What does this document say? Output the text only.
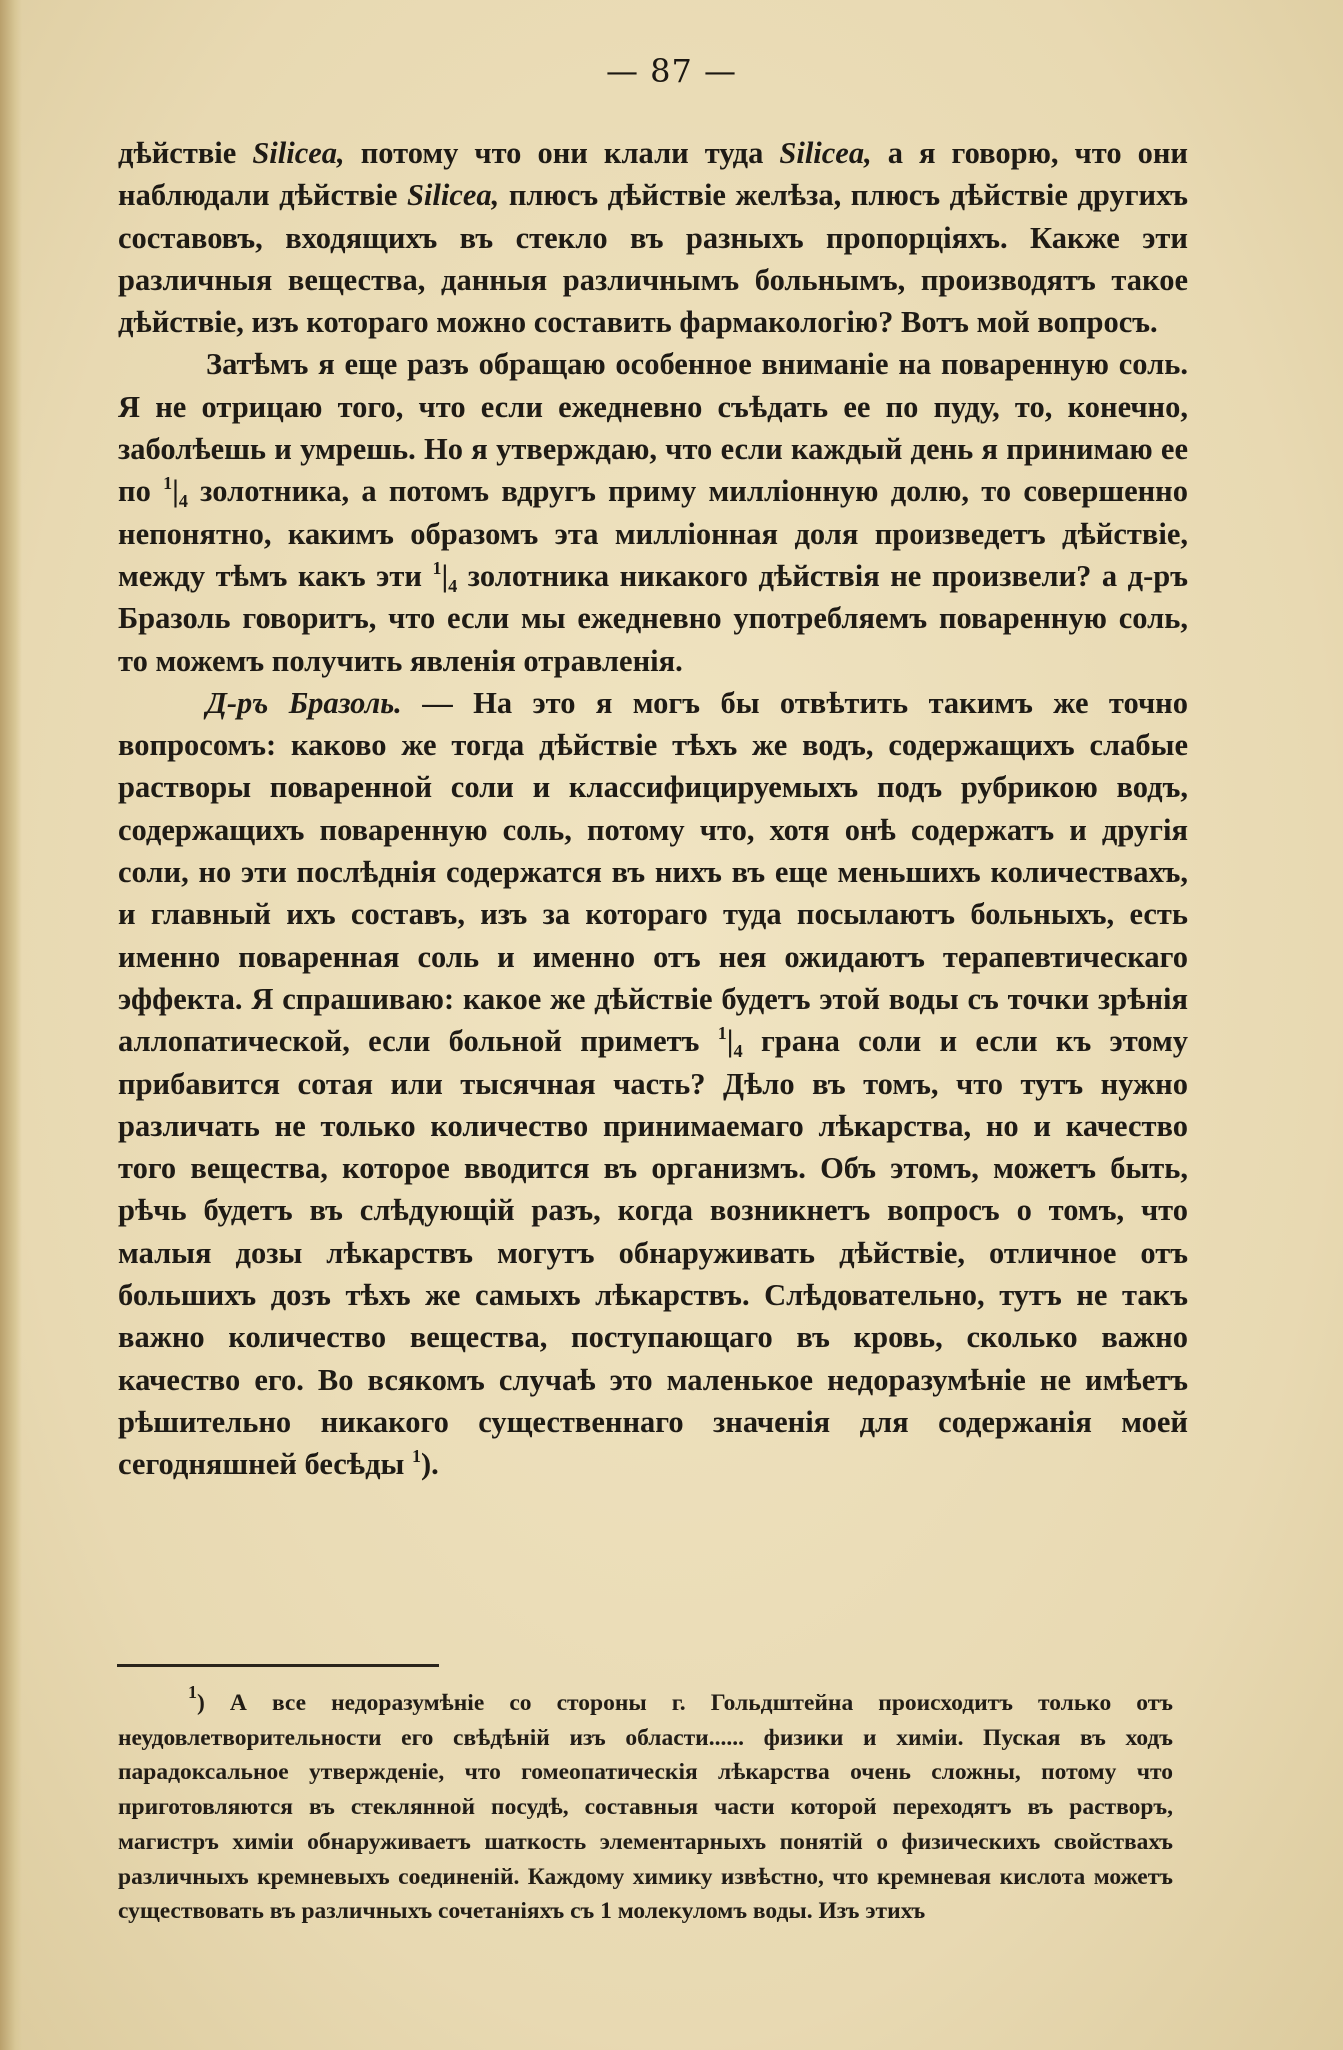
— 87 —

дѣйствіе Silicea, потому что они клали туда Silicea, а я говорю, что они наблюдали дѣйствіе Silicea, плюсъ дѣйствіе желѣза, плюсъ дѣйствіе другихъ составовъ, входящихъ въ стекло въ разныхъ пропорціяхъ. Какже эти различныя вещества, данныя различнымъ больнымъ, производятъ такое дѣйствіе, изъ котораго можно составить фармакологію? Вотъ мой вопросъ.

Затѣмъ я еще разъ обращаю особенное вниманіе на поваренную соль. Я не отрицаю того, что если ежедневно съѣдать ее по пуду, то, конечно, заболѣешь и умрешь. Но я утверждаю, что если каждый день я принимаю ее по $^1$|₄ золотника, а потомъ вдругъ приму милліонную долю, то совершенно непонятно, какимъ образомъ эта милліонная доля произведетъ дѣйствіе, между тѣмъ какъ эти $^1$|₄ золотника никакого дѣйствія не произвели? а д-ръ Бразоль говоритъ, что если мы ежедневно употребляемъ поваренную соль, то можемъ получить явленія отравленія.

Д-ръ Бразоль. — На это я могъ бы отвѣтить такимъ же точно вопросомъ: каково же тогда дѣйствіе тѣхъ же водъ, содержащихъ слабые растворы поваренной соли и классифицируемыхъ подъ рубрикою водъ, содержащихъ поваренную соль, потому что, хотя онѣ содержатъ и другія соли, но эти послѣднія содержатся въ нихъ въ еще меньшихъ количествахъ, и главный ихъ составъ, изъ за котораго туда посылаютъ больныхъ, есть именно поваренная соль и именно отъ нея ожидаютъ терапевтическаго эффекта. Я спрашиваю: какое же дѣйствіе будетъ этой воды съ точки зрѣнія аллопатической, если больной приметъ $^1$|₄ грана соли и если къ этому прибавится сотая или тысячная часть? Дѣло въ томъ, что тутъ нужно различать не только количество принимаемаго лѣкарства, но и качество того вещества, которое вводится въ организмъ. Объ этомъ, можетъ быть, рѣчь будетъ въ слѣдующій разъ, когда возникнетъ вопросъ о томъ, что малыя дозы лѣкарствъ могутъ обнаруживать дѣйствіе, отличное отъ большихъ дозъ тѣхъ же самыхъ лѣкарствъ. Слѣдовательно, тутъ не такъ важно количество вещества, поступающаго въ кровь, сколько важно качество его. Во всякомъ случаѣ это маленькое недоразумѣніе не имѣетъ рѣшительно никакого существеннаго значенія для содержанія моей сегодняшней бесѣды $^1$).

$^1$) А все недоразумѣніе со стороны г. Гольдштейна происходитъ только отъ неудовлетворительности его свѣдѣній изъ области...... физики и химіи. Пуская въ ходъ парадоксальное утвержденіе, что гомеопатическія лѣкарства очень сложны, потому что приготовляются въ стеклянной посудѣ, составныя части которой переходятъ въ растворъ, магистръ химіи обнаруживаетъ шаткость элементарныхъ понятій о физическихъ свойствахъ различныхъ кремневыхъ соединеній. Каждому химику извѣстно, что кремневая кислота можетъ существовать въ различныхъ сочетаніяхъ съ 1 молекуломъ воды. Изъ этихъ
